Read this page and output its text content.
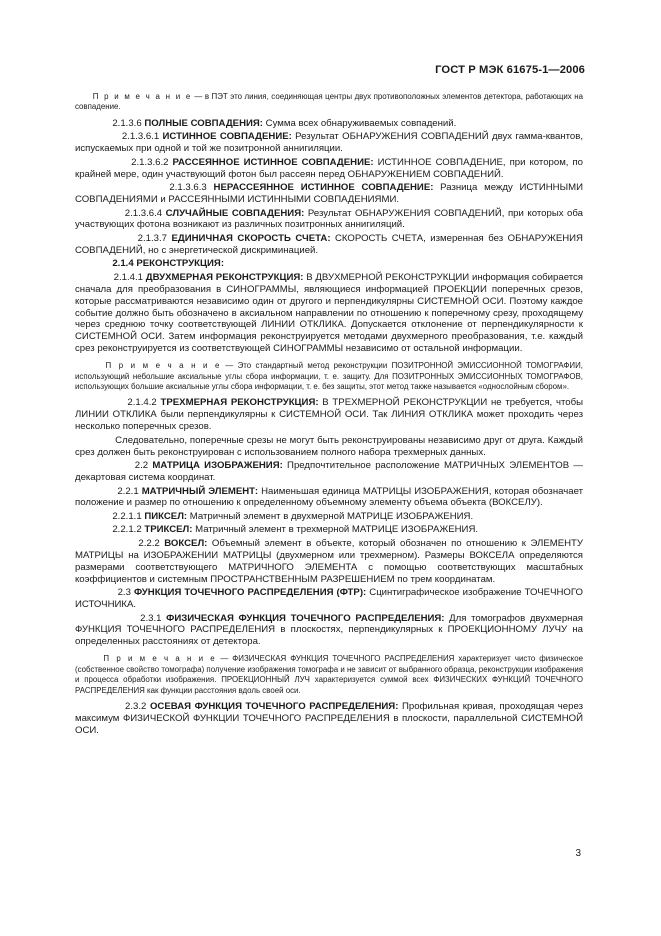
ГОСТ Р МЭК 61675-1—2006

П р и м е ч а н и е — в ПЭТ это линия, соединяющая центры двух противоположных элементов детектора, работающих на совпадение.

2.1.3.6 ПОЛНЫЕ СОВПАДЕНИЯ: Сумма всех обнаруживаемых совпадений.

2.1.3.6.1 ИСТИННОЕ СОВПАДЕНИЕ: Результат ОБНАРУЖЕНИЯ СОВПАДЕНИЙ двух гамма-квантов, испускаемых при одной и той же позитронной аннигиляции.

2.1.3.6.2 РАССЕЯННОЕ ИСТИННОЕ СОВПАДЕНИЕ: ИСТИННОЕ СОВПАДЕНИЕ, при котором, по крайней мере, один участвующий фотон был рассеян перед ОБНАРУЖЕНИЕМ СОВПАДЕНИЙ.

2.1.3.6.3 НЕРАССЕЯННОЕ ИСТИННОЕ СОВПАДЕНИЕ: Разница между ИСТИННЫМИ СОВПАДЕНИЯМИ и РАССЕЯННЫМИ ИСТИННЫМИ СОВПАДЕНИЯМИ.

2.1.3.6.4 СЛУЧАЙНЫЕ СОВПАДЕНИЯ: Результат ОБНАРУЖЕНИЯ СОВПАДЕНИЙ, при которых оба участвующих фотона возникают из различных позитронных аннигиляций.

2.1.3.7 ЕДИНИЧНАЯ СКОРОСТЬ СЧЕТА: СКОРОСТЬ СЧЕТА, измеренная без ОБНАРУЖЕНИЯ СОВПАДЕНИЙ, но с энергетической дискриминацией.

2.1.4 РЕКОНСТРУКЦИЯ:

2.1.4.1 ДВУХМЕРНАЯ РЕКОНСТРУКЦИЯ: В ДВУХМЕРНОЙ РЕКОНСТРУКЦИИ информация собирается сначала для преобразования в СИНОГРАММЫ, являющиеся информацией ПРОЕКЦИИ поперечных срезов, которые рассматриваются независимо один от другого и перпендикулярны СИСТЕМНОЙ ОСИ. Поэтому каждое событие должно быть обозначено в аксиальном направлении по отношению к поперечному срезу, проходящему через среднюю точку соответствующей ЛИНИИ ОТКЛИКА. Допускается отклонение от перпендикулярности к СИСТЕМНОЙ ОСИ. Затем информация реконструируется методами двухмерного преобразования, т.е. каждый срез реконструируется из соответствующей СИНОГРАММЫ независимо от остальной информации.

П р и м е ч а н и е — Это стандартный метод реконструкции ПОЗИТРОННОЙ ЭМИССИОННОЙ ТОМОГРАФИИ, использующий небольшие аксиальные углы сбора информации, т. е. защиту. Для ПОЗИТРОННЫХ ЭМИССИОННЫХ ТОМОГРАФОВ, использующих большие аксиальные углы сбора информации, т. е. без защиты, этот метод также называется «однослойным сбором».

2.1.4.2 ТРЕХМЕРНАЯ РЕКОНСТРУКЦИЯ: В ТРЕХМЕРНОЙ РЕКОНСТРУКЦИИ не требуется, чтобы ЛИНИИ ОТКЛИКА были перпендикулярны к СИСТЕМНОЙ ОСИ. Так ЛИНИЯ ОТКЛИКА может проходить через несколько поперечных срезов.

Следовательно, поперечные срезы не могут быть реконструированы независимо друг от друга. Каждый срез должен быть реконструирован с использованием полного набора трехмерных данных.

2.2 МАТРИЦА ИЗОБРАЖЕНИЯ: Предпочтительное расположение МАТРИЧНЫХ ЭЛЕМЕНТОВ — декартовая система координат.

2.2.1 МАТРИЧНЫЙ ЭЛЕМЕНТ: Наименьшая единица МАТРИЦЫ ИЗОБРАЖЕНИЯ, которая обозначает положение и размер по отношению к определенному объемному элементу объема объекта (ВОКСЕЛУ).

2.2.1.1 ПИКСЕЛ: Матричный элемент в двухмерной МАТРИЦЕ ИЗОБРАЖЕНИЯ.

2.2.1.2 ТРИКСЕЛ: Матричный элемент в трехмерной МАТРИЦЕ ИЗОБРАЖЕНИЯ.

2.2.2 ВОКСЕЛ: Объемный элемент в объекте, который обозначен по отношению к ЭЛЕМЕНТУ МАТРИЦЫ на ИЗОБРАЖЕНИИ МАТРИЦЫ (двухмерном или трехмерном). Размеры ВОКСЕЛА определяются размерами соответствующего МАТРИЧНОГО ЭЛЕМЕНТА с помощью соответствующих масштабных коэффициентов и системным ПРОСТРАНСТВЕННЫМ РАЗРЕШЕНИЕМ по трем координатам.

2.3 ФУНКЦИЯ ТОЧЕЧНОГО РАСПРЕДЕЛЕНИЯ (ФТР): Сцинтиграфическое изображение ТОЧЕЧНОГО ИСТОЧНИКА.

2.3.1 ФИЗИЧЕСКАЯ ФУНКЦИЯ ТОЧЕЧНОГО РАСПРЕДЕЛЕНИЯ: Для томографов двухмерная ФУНКЦИЯ ТОЧЕЧНОГО РАСПРЕДЕЛЕНИЯ в плоскостях, перпендикулярных к ПРОЕКЦИОННОМУ ЛУЧУ на определенных расстояниях от детектора.

П р и м е ч а н и е — ФИЗИЧЕСКАЯ ФУНКЦИЯ ТОЧЕЧНОГО РАСПРЕДЕЛЕНИЯ характеризует чисто физическое (собственное свойство томографа) получение изображения томографа и не зависит от выбранного образца, реконструкции изображения и процесса обработки изображения. ПРОЕКЦИОННЫЙ ЛУЧ характеризуется суммой всех ФИЗИЧЕСКИХ ФУНКЦИЙ ТОЧЕЧНОГО РАСПРЕДЕЛЕНИЯ как функции расстояния вдоль своей оси.

2.3.2 ОСЕВАЯ ФУНКЦИЯ ТОЧЕЧНОГО РАСПРЕДЕЛЕНИЯ: Профильная кривая, проходящая через максимум ФИЗИЧЕСКОЙ ФУНКЦИИ ТОЧЕЧНОГО РАСПРЕДЕЛЕНИЯ в плоскости, параллельной СИСТЕМНОЙ ОСИ.

3
